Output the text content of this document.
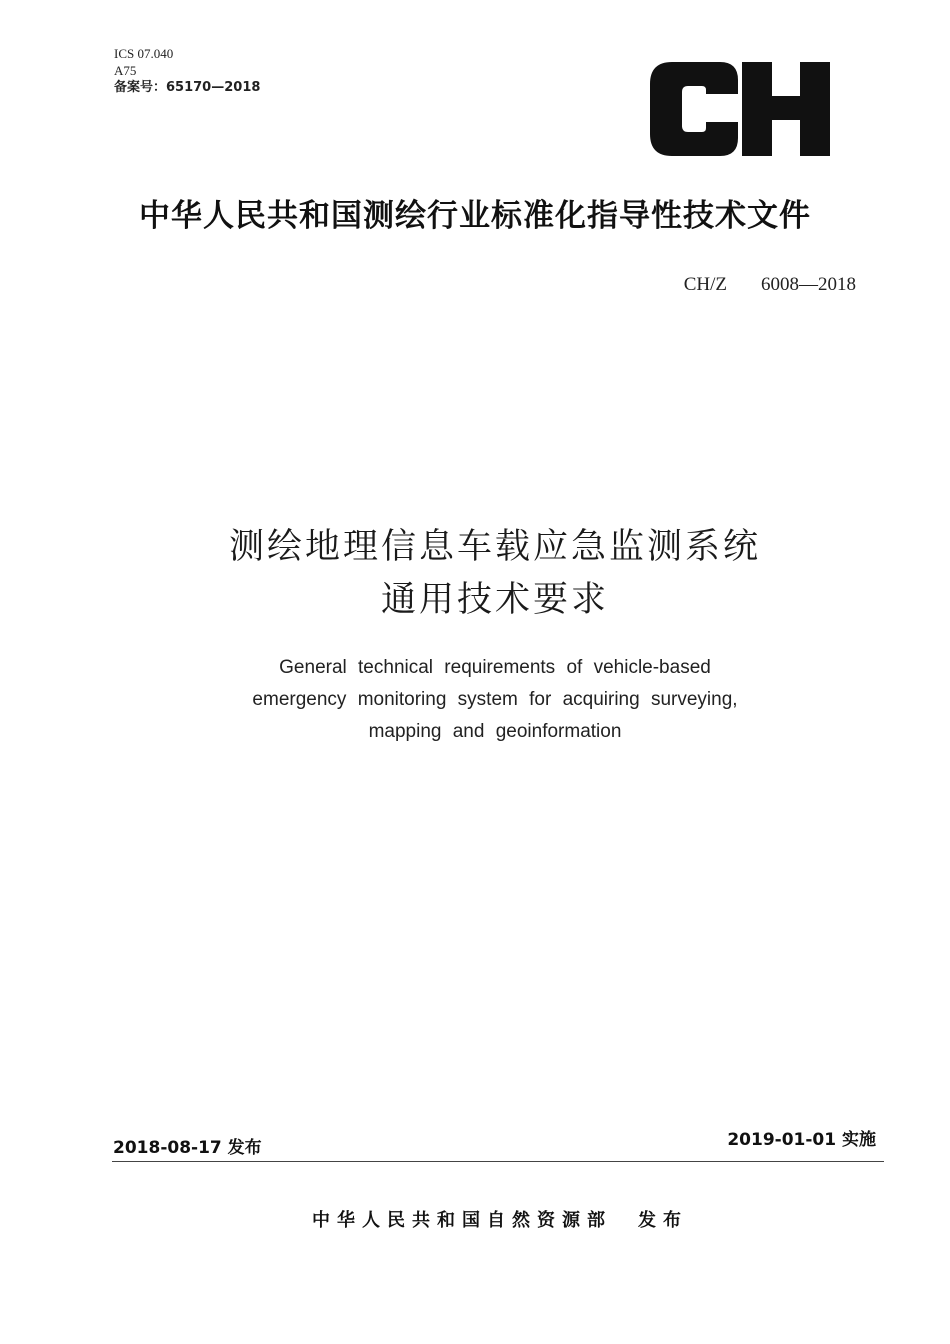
ICS 07.040
A75
备案号：65170—2018
中华人民共和国测绘行业标准化指导性技术文件
CH/Z 6008—2018
测绘地理信息车载应急监测系统
通用技术要求
General technical requirements of vehicle-based
emergency monitoring system for acquiring surveying,
mapping and geoinformation
2018-08-17 发布	2019-01-01 实施
中华人民共和国自然资源部 发布
